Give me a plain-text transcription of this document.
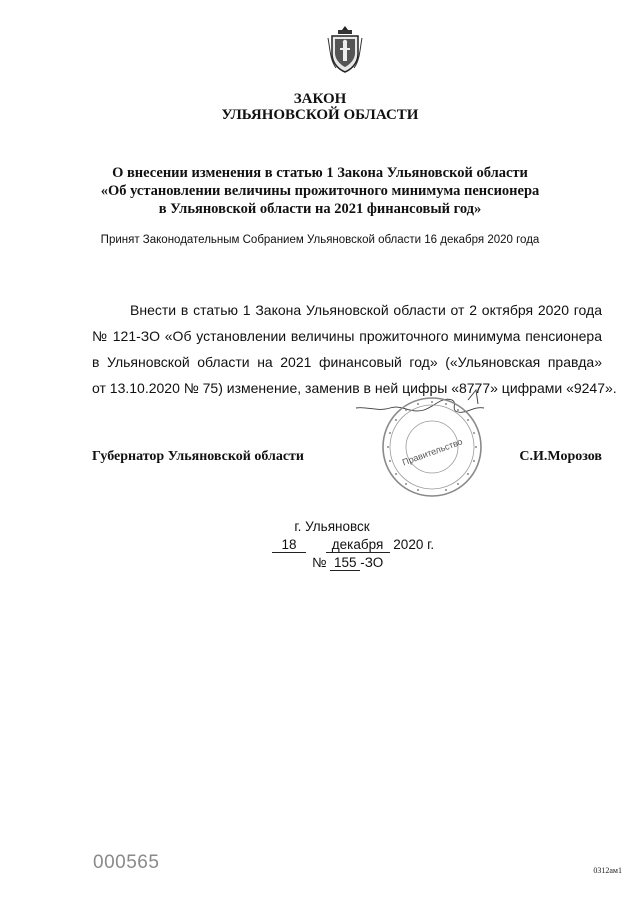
ЗАКОН
УЛЬЯНОВСКОЙ ОБЛАСТИ
О внесении изменения в статью 1 Закона Ульяновской области
«Об установлении величины прожиточного минимума пенсионера
в Ульяновской области на 2021 финансовый год»
Принят Законодательным Собранием Ульяновской области 16 декабря 2020 года
Внести в статью 1 Закона Ульяновской области от 2 октября 2020 года
№ 121-ЗО «Об установлении величины прожиточного минимума пенсионера
в Ульяновской области на 2021 финансовый год» («Ульяновская правда»
от 13.10.2020 № 75) изменение, заменив в ней цифры «8777» цифрами «9247».
Правительство
Губернатор Ульяновской области	С.И.Морозов
г. Ульяновск
18	декабря 2020 г.
№ 155 -ЗО
000565	0312ам1
